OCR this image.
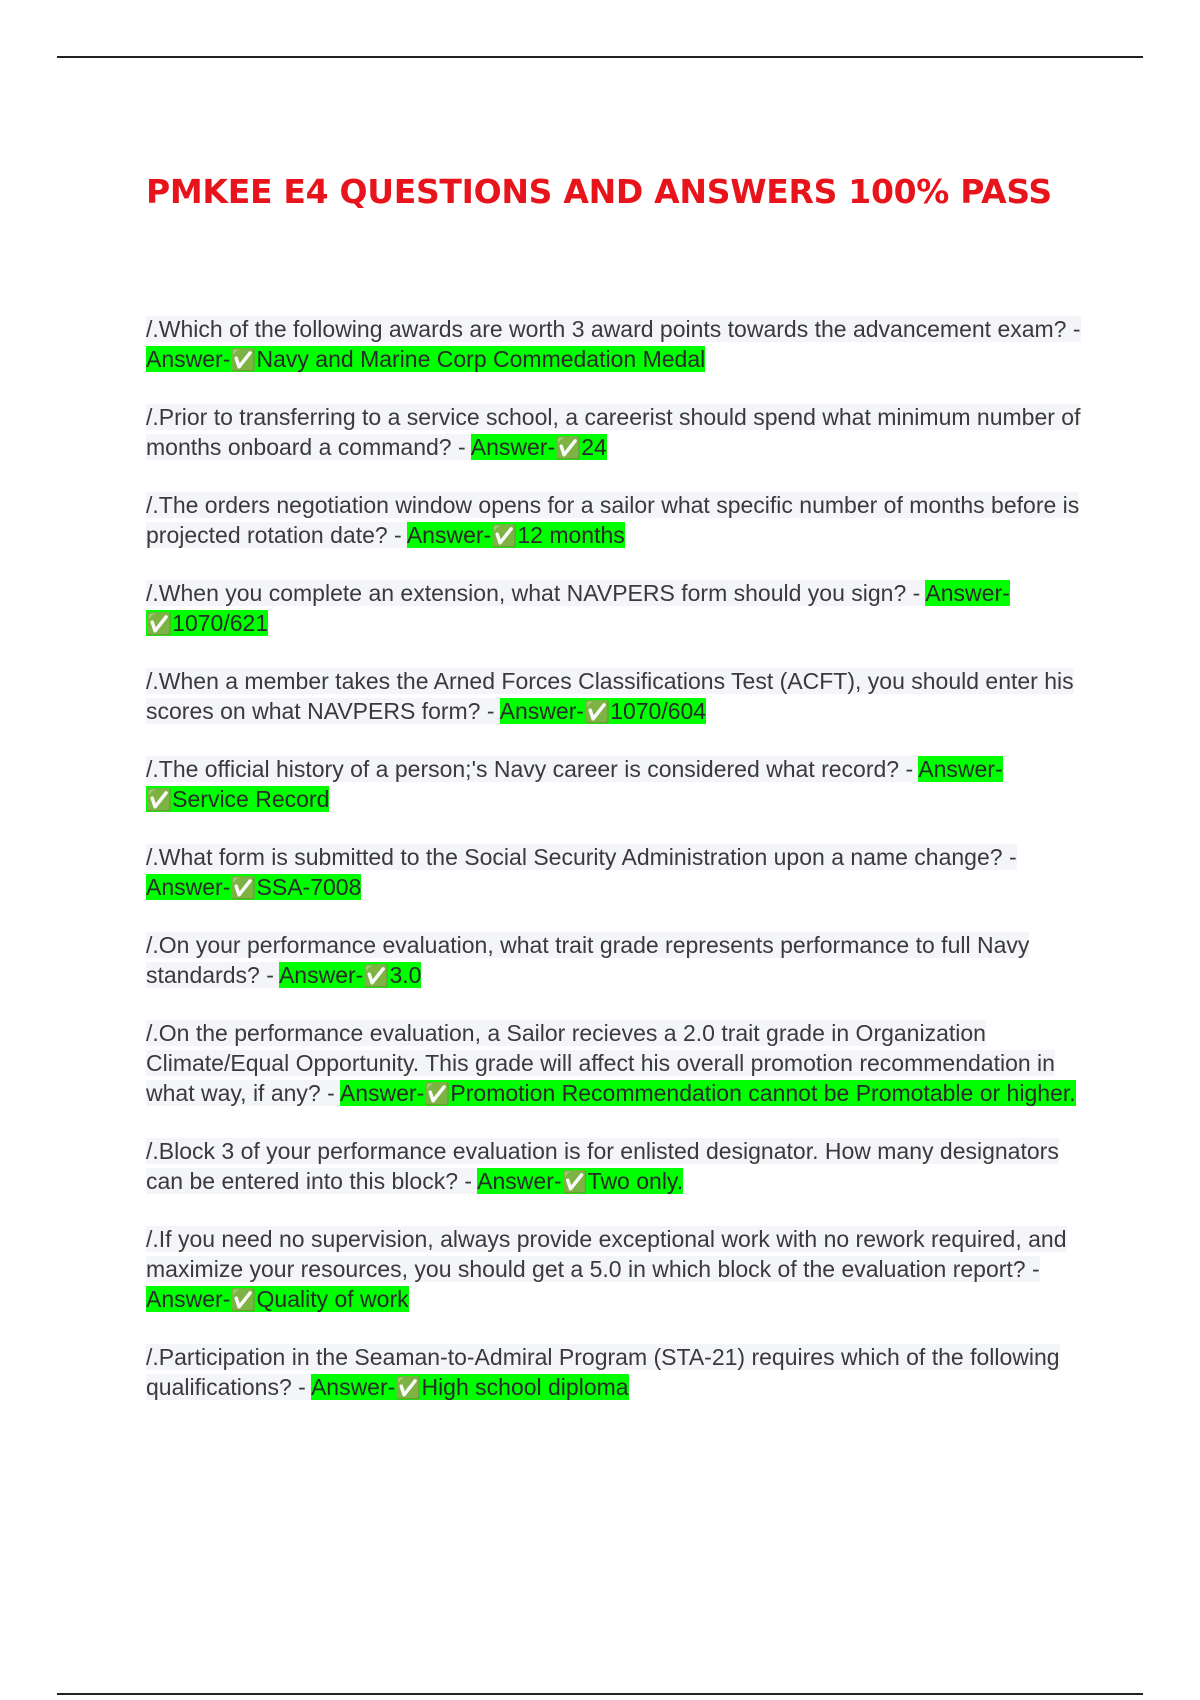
PMKEE E4 QUESTIONS AND ANSWERS 100% PASS

/.Which of the following awards are worth 3 award points towards the advancement exam? - Answer-✅Navy and Marine Corp Commedation Medal

/.Prior to transferring to a service school, a careerist should spend what minimum number of months onboard a command? - Answer-✅24

/.The orders negotiation window opens for a sailor what specific number of months before is projected rotation date? - Answer-✅12 months

/.When you complete an extension, what NAVPERS form should you sign? - Answer-✅1070/621

/.When a member takes the Arned Forces Classifications Test (ACFT), you should enter his scores on what NAVPERS form? - Answer-✅1070/604

/.The official history of a person;'s Navy career is considered what record? - Answer-✅Service Record

/.What form is submitted to the Social Security Administration upon a name change? - Answer-✅SSA-7008

/.On your performance evaluation, what trait grade represents performance to full Navy standards? - Answer-✅3.0

/.On the performance evaluation, a Sailor recieves a 2.0 trait grade in Organization Climate/Equal Opportunity. This grade will affect his overall promotion recommendation in what way, if any? - Answer-✅Promotion Recommendation cannot be Promotable or higher.

/.Block 3 of your performance evaluation is for enlisted designator. How many designators can be entered into this block? - Answer-✅Two only.

/.If you need no supervision, always provide exceptional work with no rework required, and maximize your resources, you should get a 5.0 in which block of the evaluation report? - Answer-✅Quality of work

/.Participation in the Seaman-to-Admiral Program (STA-21) requires which of the following qualifications? - Answer-✅High school diploma
